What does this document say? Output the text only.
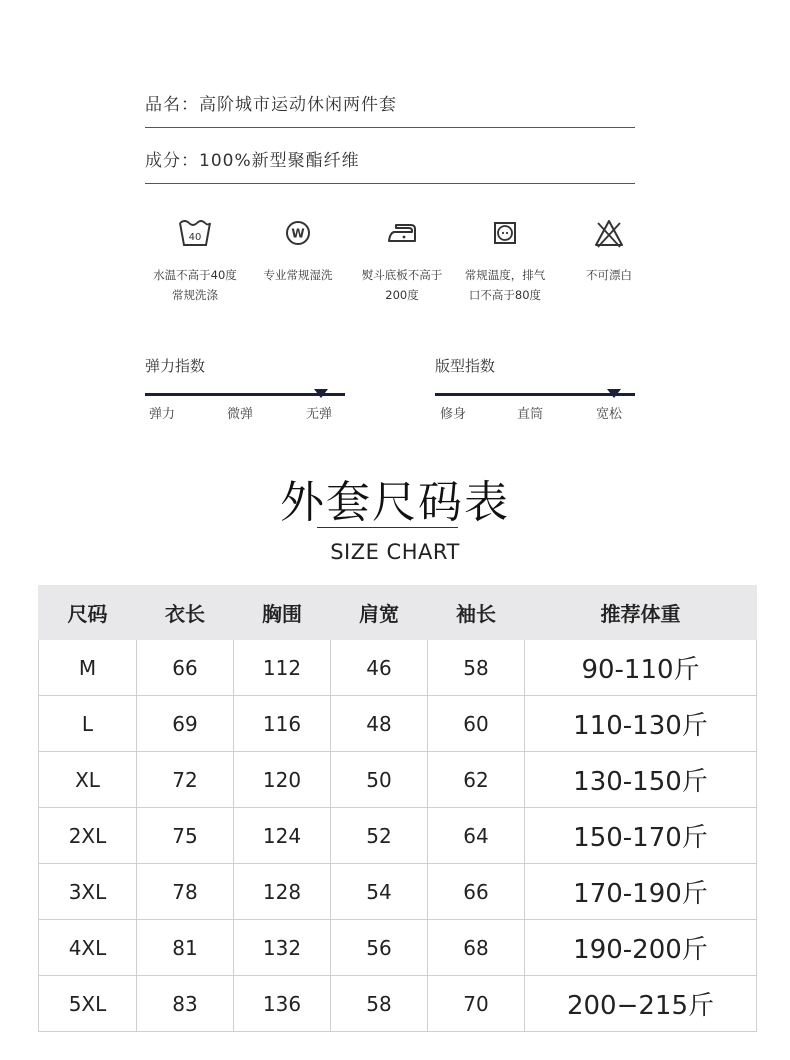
品名：高阶城市运动休闲两件套
成分：100%新型聚酯纤维
40
水温不高于40度
常规洗涤
W
专业常规湿洗	熨斗底板不高于
200度
常规温度，排气
口不高于80度
不可漂白

弹力指数
弹力	微弹	无弹
版型指数
修身	直筒	宽松
外套尺码表
SIZE CHART
尺码	衣长	胸围	肩宽	袖长	推荐体重
M	66	112	46	58	90-110斤
L	69	116	48	60	110-130斤
XL	72	120	50	62	130-150斤
2XL	75	124	52	64	150-170斤
3XL	78	128	54	66	170-190斤
4XL	81	132	56	68	190-200斤
5XL	83	136	58	70	200−215斤
